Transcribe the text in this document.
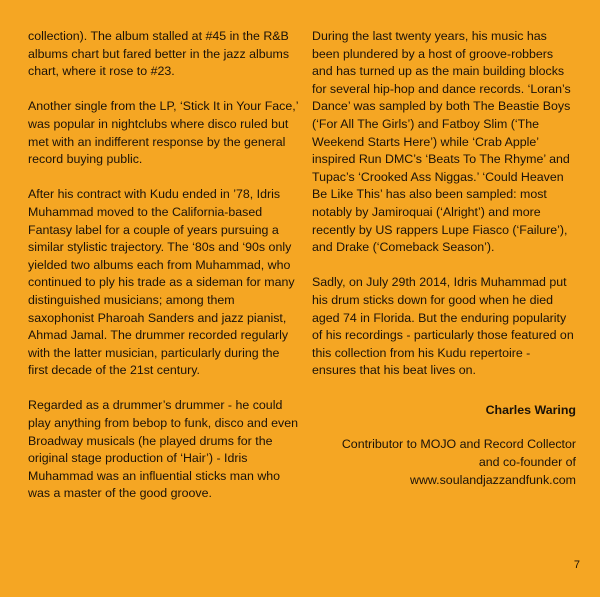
collection). The album stalled at #45 in the R&B albums chart but fared better in the jazz albums chart, where it rose to #23.

Another single from the LP, ‘Stick It in Your Face,’ was popular in nightclubs where disco ruled but met with an indifferent response by the general record buying public.

After his contract with Kudu ended in ’78, Idris Muhammad moved to the California-based Fantasy label for a couple of years pursuing a similar stylistic trajectory. The ‘80s and ‘90s only yielded two albums each from Muhammad, who continued to ply his trade as a sideman for many distinguished musicians; among them saxophonist Pharoah Sanders and jazz pianist, Ahmad Jamal. The drummer recorded regularly with the latter musician, particularly during the first decade of the 21st century.

Regarded as a drummer’s drummer - he could play anything from bebop to funk, disco and even Broadway musicals (he played drums for the original stage production of ‘Hair’) - Idris Muhammad was an influential sticks man who was a master of the good groove.

During the last twenty years, his music has been plundered by a host of groove-robbers and has turned up as the main building blocks for several hip-hop and dance records. ‘Loran’s Dance’ was sampled by both The Beastie Boys (‘For All The Girls’) and Fatboy Slim (‘The Weekend Starts Here’) while ‘Crab Apple’ inspired Run DMC’s ‘Beats To The Rhyme’ and Tupac’s ‘Crooked Ass Niggas.’ ‘Could Heaven Be Like This’ has also been sampled: most notably by Jamiroquai (‘Alright’) and more recently by US rappers Lupe Fiasco (‘Failure’), and Drake (‘Comeback Season’).

Sadly, on July 29th 2014, Idris Muhammad put his drum sticks down for good when he died aged 74 in Florida. But the enduring popularity of his recordings - particularly those featured on this collection from his Kudu repertoire - ensures that his beat lives on.

Charles Waring
Contributor to MOJO and Record Collector
and co-founder of
www.soulandjazzandfunk.com
7
